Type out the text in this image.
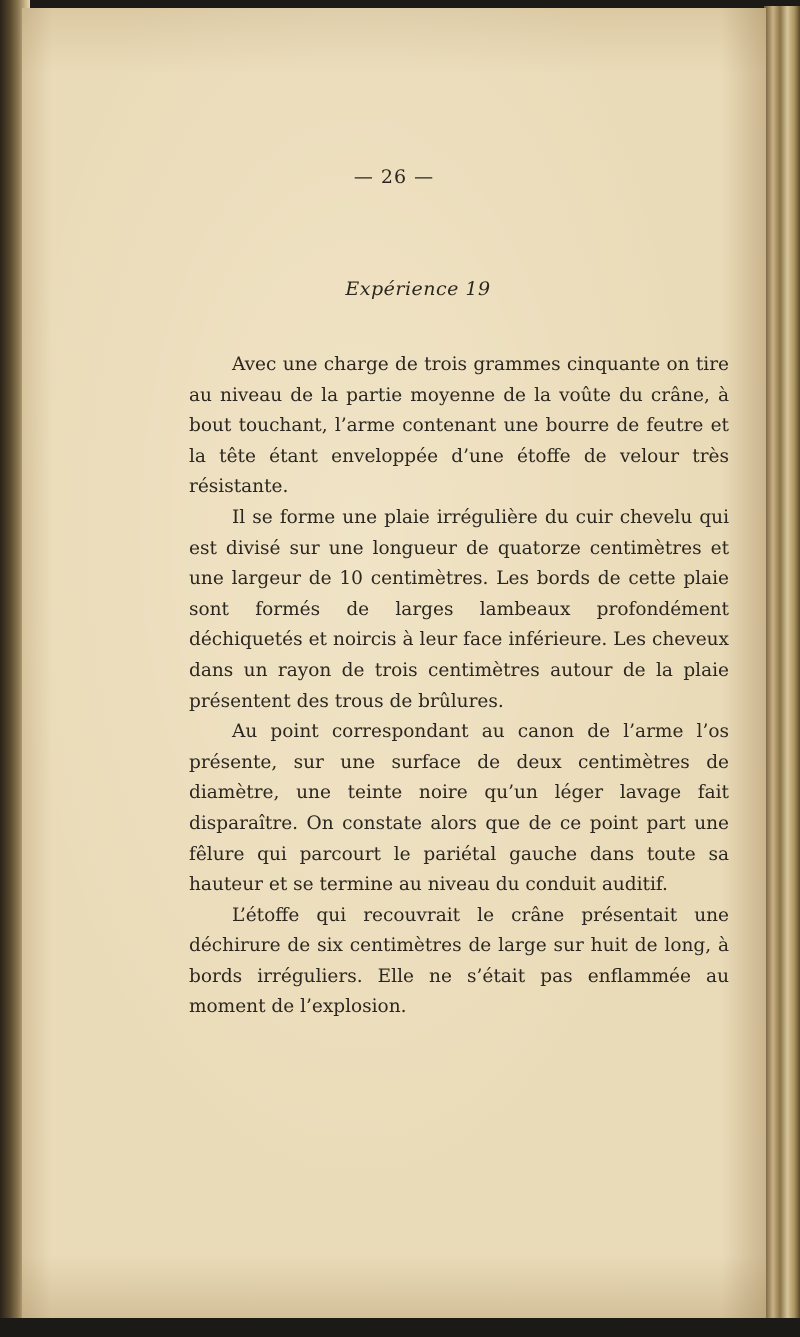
— 26 —
Expérience 19

Avec une charge de trois grammes cinquante on tire au niveau de la partie moyenne de la voûte du crâne, à bout touchant, l’arme contenant une bourre de feutre et la tête étant enveloppée d’une étoffe de velour très résistante.

Il se forme une plaie irrégulière du cuir chevelu qui est divisé sur une longueur de quatorze centimètres et une largeur de 10 centimètres. Les bords de cette plaie sont formés de larges lambeaux profondément déchiquetés et noircis à leur face inférieure. Les cheveux dans un rayon de trois centimètres autour de la plaie présentent des trous de brûlures.

Au point correspondant au canon de l’arme l’os présente, sur une surface de deux centimètres de diamètre, une teinte noire qu’un léger lavage fait disparaître. On constate alors que de ce point part une fêlure qui parcourt le pariétal gauche dans toute sa hauteur et se termine au niveau du conduit auditif.

L’étoffe qui recouvrait le crâne présentait une déchirure de six centimètres de large sur huit de long, à bords irréguliers. Elle ne s’était pas enflammée au moment de l’explosion.
